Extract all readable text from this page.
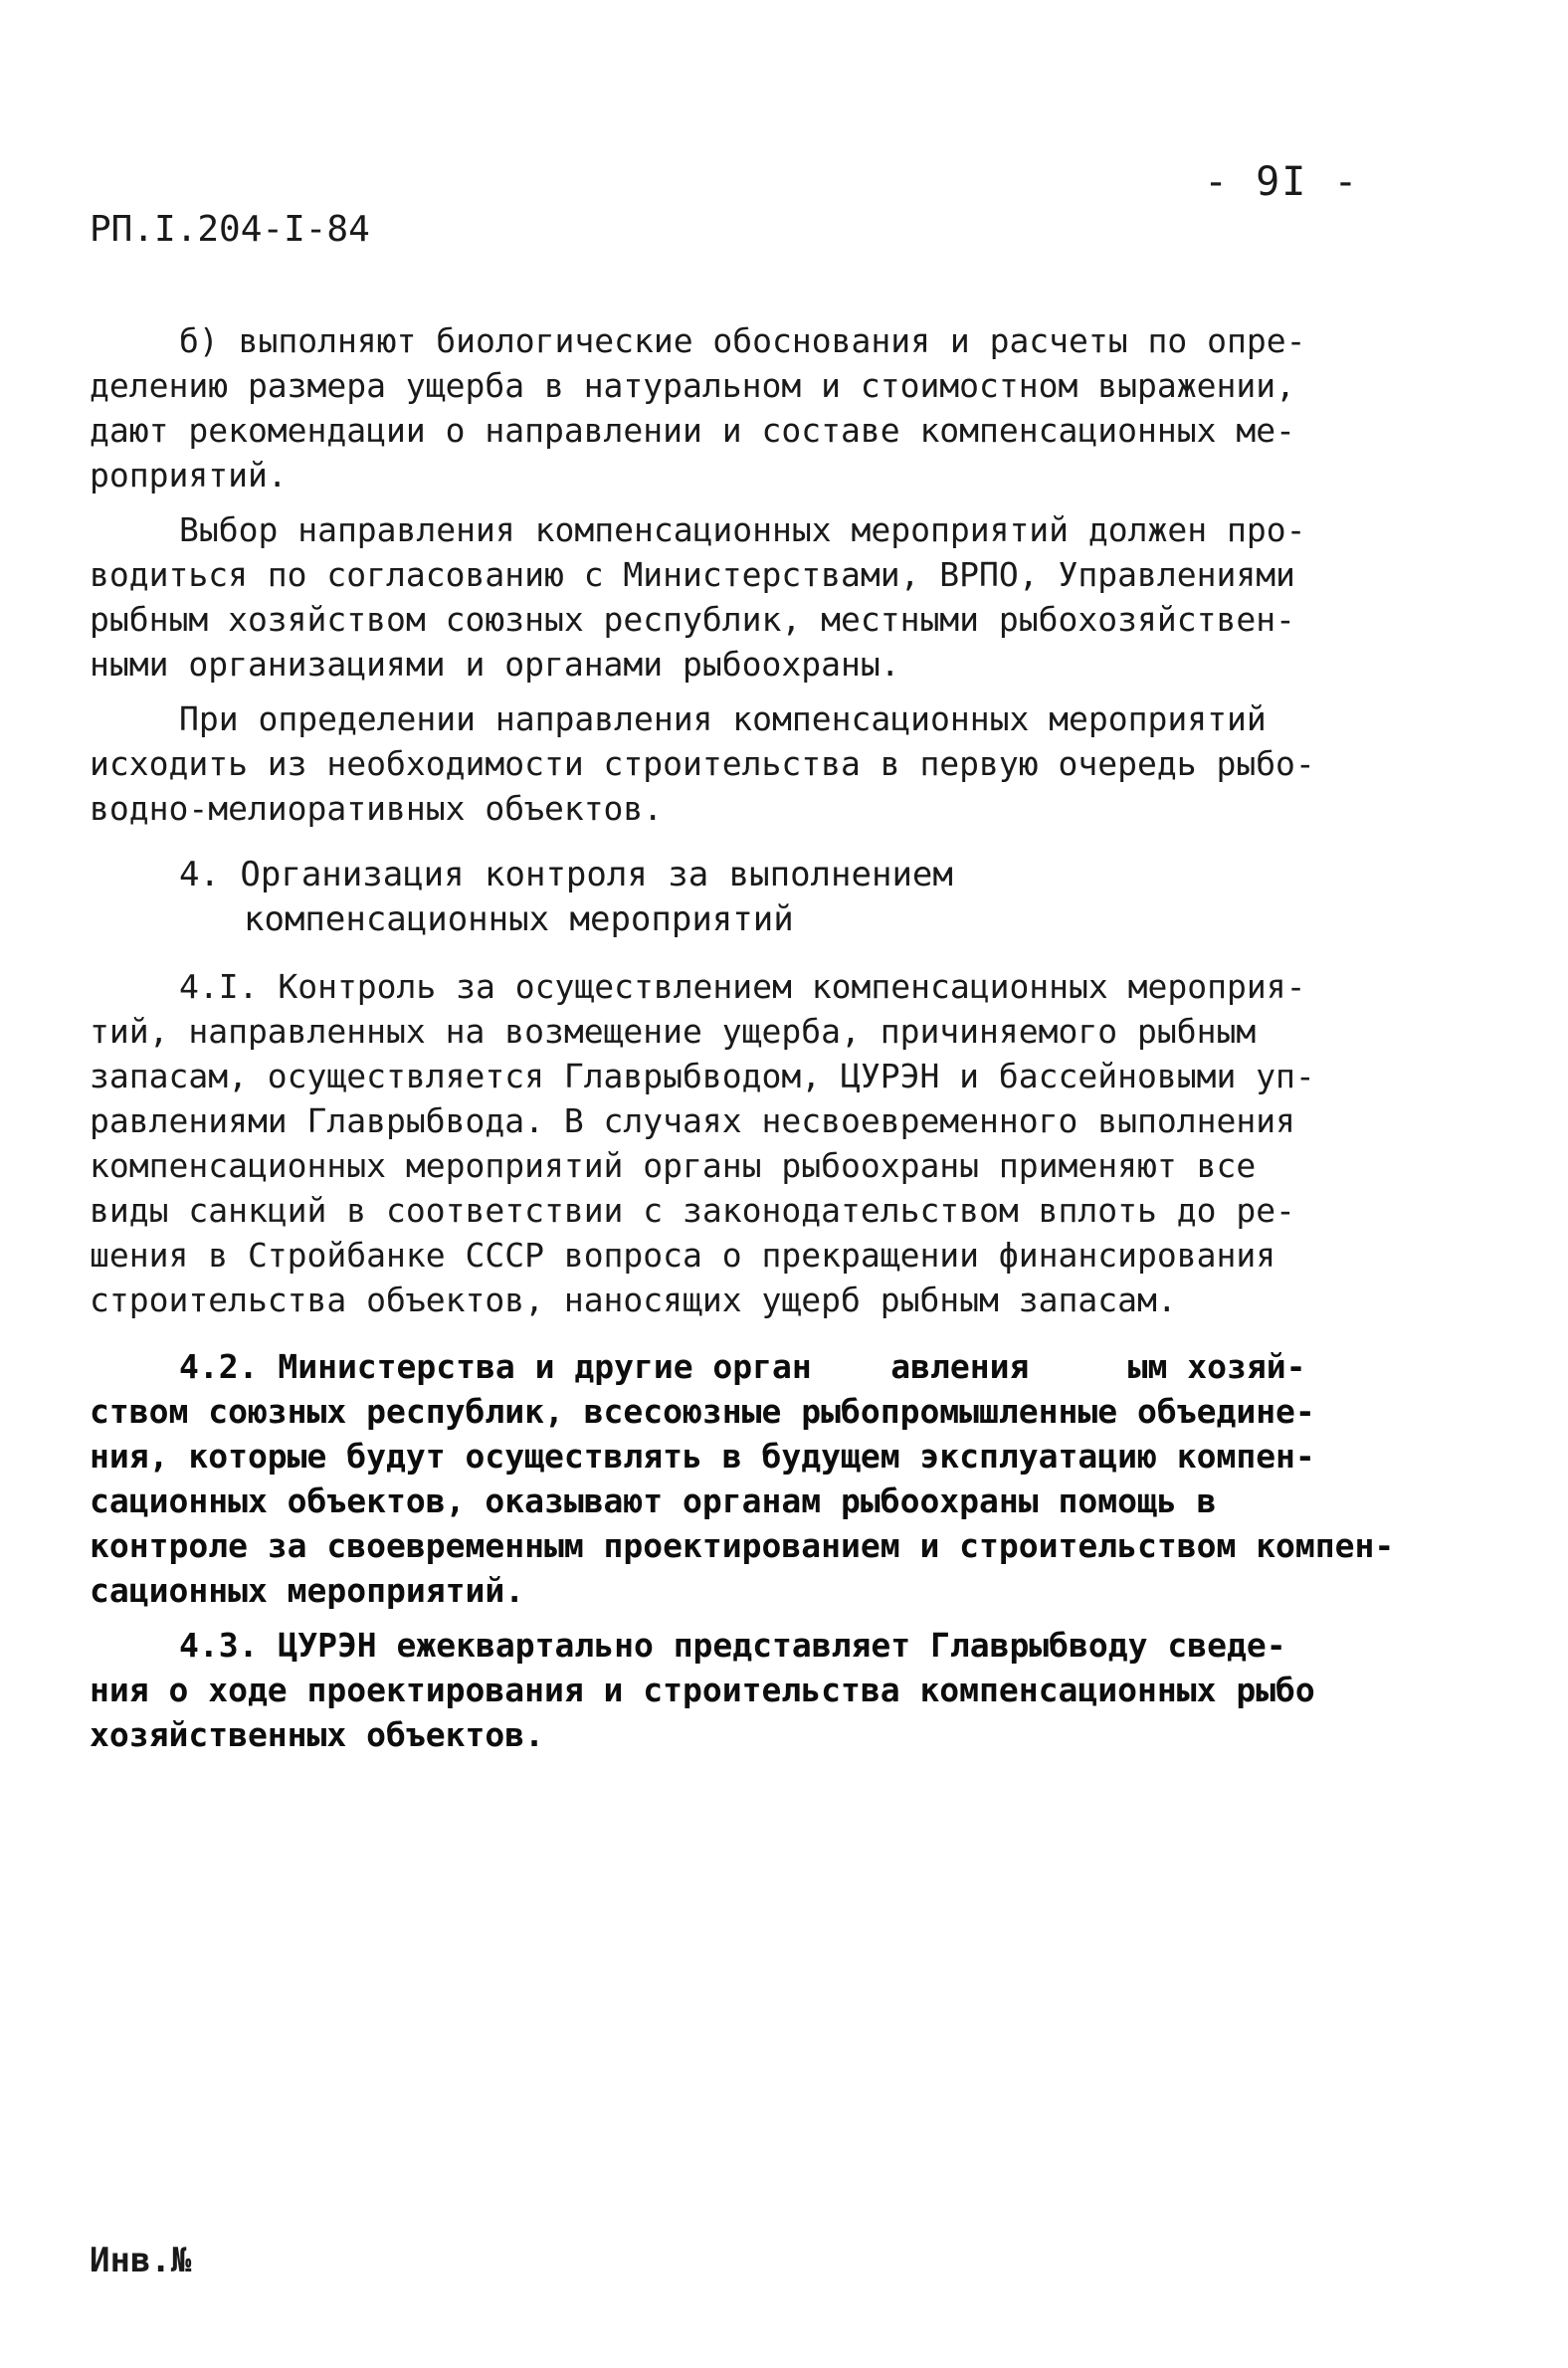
- 9I -
РП.I.204-I-84
б) выполняют биологические обоснования и расчеты по опре-
делению размера ущерба в натуральном и стоимостном выражении,
дают рекомендации о направлении и составе компенсационных ме-
роприятий.
Выбор направления компенсационных мероприятий должен про-
водиться по согласованию с Министерствами, ВРПО, Управлениями
рыбным хозяйством союзных республик, местными рыбохозяйствен-
ными организациями и органами рыбоохраны.
При определении направления компенсационных мероприятий
исходить из необходимости строительства в первую очередь рыбо-
водно-мелиоративных объектов.
4. Организация контроля за выполнением
компенсационных мероприятий
4.I. Контроль за осуществлением компенсационных мероприя-
тий, направленных на возмещение ущерба, причиняемого рыбным
запасам, осуществляется Главрыбводом, ЦУРЭН и бассейновыми уп-
равлениями Главрыбвода. В случаях несвоевременного выполнения
компенсационных мероприятий органы рыбоохраны применяют все
виды санкций в соответствии с законодательством вплоть до ре-
шения в Стройбанке СССР вопроса о прекращении финансирования
строительства объектов, наносящих ущерб рыбным запасам.
4.2. Министерства и другие орган    авления     ым хозяй-
ством союзных республик, всесоюзные рыбопромышленные объедине-
ния, которые будут осуществлять в будущем эксплуатацию компен-
сационных объектов, оказывают органам рыбоохраны помощь в
контроле за своевременным проектированием и строительством компен-
сационных мероприятий.
4.3. ЦУРЭН ежеквартально представляет Главрыбводу сведе-
ния о ходе проектирования и строительства компенсационных рыбо
хозяйственных объектов.
Инв.№
